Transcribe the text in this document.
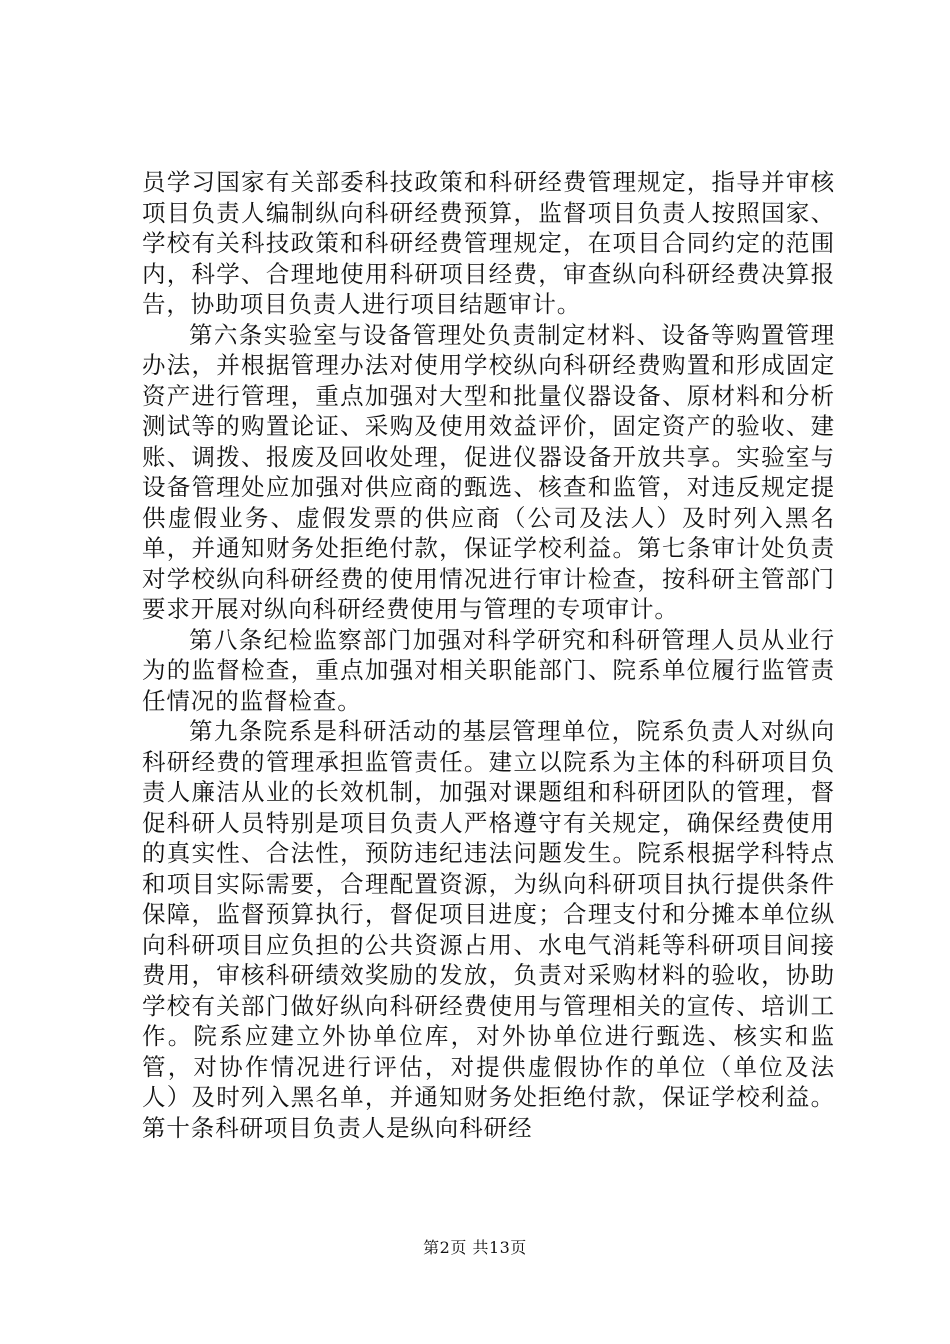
员学习国家有关部委科技政策和科研经费管理规定，指导并审核项目负责人编制纵向科研经费预算，监督项目负责人按照国家、学校有关科技政策和科研经费管理规定，在项目合同约定的范围内，科学、合理地使用科研项目经费，审查纵向科研经费决算报告，协助项目负责人进行项目结题审计。

第六条实验室与设备管理处负责制定材料、设备等购置管理办法，并根据管理办法对使用学校纵向科研经费购置和形成固定资产进行管理，重点加强对大型和批量仪器设备、原材料和分析测试等的购置论证、采购及使用效益评价，固定资产的验收、建账、调拨、报废及回收处理，促进仪器设备开放共享。实验室与设备管理处应加强对供应商的甄选、核查和监管，对违反规定提供虚假业务、虚假发票的供应商（公司及法人）及时列入黑名单，并通知财务处拒绝付款，保证学校利益。第七条审计处负责对学校纵向科研经费的使用情况进行审计检查，按科研主管部门要求开展对纵向科研经费使用与管理的专项审计。

第八条纪检监察部门加强对科学研究和科研管理人员从业行为的监督检查，重点加强对相关职能部门、院系单位履行监管责任情况的监督检查。

第九条院系是科研活动的基层管理单位，院系负责人对纵向科研经费的管理承担监管责任。建立以院系为主体的科研项目负责人廉洁从业的长效机制，加强对课题组和科研团队的管理，督促科研人员特别是项目负责人严格遵守有关规定，确保经费使用的真实性、合法性，预防违纪违法问题发生。院系根据学科特点和项目实际需要，合理配置资源，为纵向科研项目执行提供条件保障，监督预算执行，督促项目进度；合理支付和分摊本单位纵向科研项目应负担的公共资源占用、水电气消耗等科研项目间接费用，审核科研绩效奖励的发放，负责对采购材料的验收，协助学校有关部门做好纵向科研经费使用与管理相关的宣传、培训工作。院系应建立外协单位库，对外协单位进行甄选、核实和监管，对协作情况进行评估，对提供虚假协作的单位（单位及法人）及时列入黑名单，并通知财务处拒绝付款，保证学校利益。第十条科研项目负责人是纵向科研经

第2页 共13页
